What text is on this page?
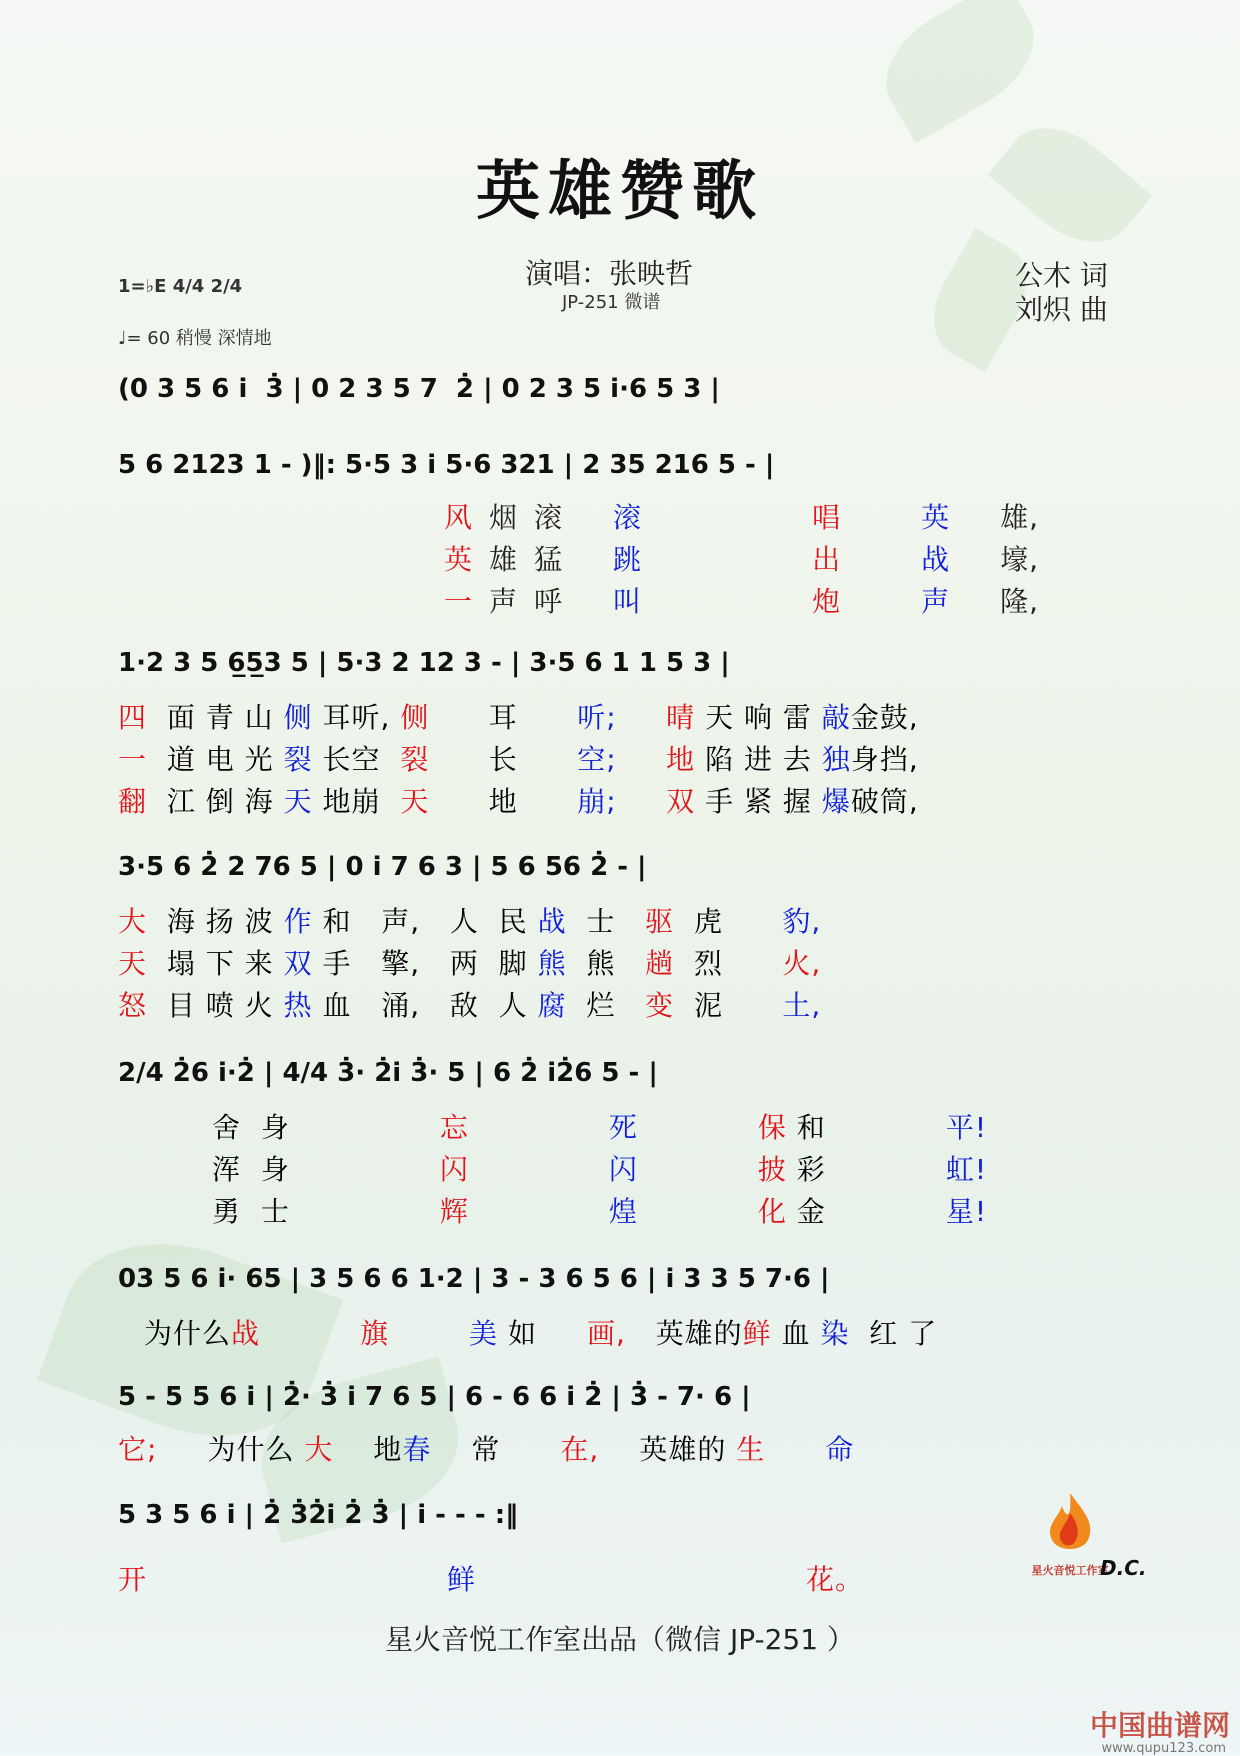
英雄赞歌
1=♭E 4/4 2/4
♩= 60 稍慢 深情地
演唱：张映哲
JP-251 微谱
公木 词
刘炽 曲
(0 3 5 6 i  3̇ | 0 2 3 5 7  2̇ | 0 2 3 5 i·6 5 3 |
5 6 2123 1 - )‖: 5·5 3 i 5·6 321 | 2 35 216 5 - |
风 烟 滚 滚	唱	英 雄,
英 雄 猛 跳	出	战 壕,
一 声 呼 叫	炮	声 隆,
1·2 3 5 6̲5̲3 5 | 5·3 2 12 3 - | 3·5 6 1 1 5 3 |
四 面 青 山 侧 耳听, 侧 耳 听; 晴 天 响 雷 敲金鼓,
一 道 电 光 裂 长空 裂 长 空; 地 陷 进 去 独身挡,
翻 江 倒 海 天 地崩 天 地 崩; 双 手 紧 握 爆破筒,
3·5 6 2̇ 2 76 5 | 0 i 7 6 3 | 5 6 56 2̇ - |
大 海 扬 波 作 和 声, 人 民 战 士 驱 虎 豹,
天 塌 下 来 双 手 擎, 两 脚 熊 熊 趟 烈 火,
怒 目 喷 火 热 血 涌, 敌 人 腐 烂 变 泥 土,
2/4 2̇6 i·2̇ | 4/4 3̇· 2̇i 3̇· 5 | 6 2̇ i2̇6 5 - |
舍 身	忘	死	保 和	平!
浑 身	闪	闪	披 彩	虹!
勇 士	辉	煌	化 金	星!
03 5 6 i· 65 | 3 5 6 6 1·2 | 3 - 3 6 5 6 | i 3 3 5 7·6 |
为什么战	旗	美 如 画, 英雄的鲜 血 染 红 了
5 - 5 5 6 i | 2̇· 3̇ i 7 6 5 | 6 - 6 6 i 2̇ | 3̇ - 7· 6 |
它; 为什么 大 地春 常 在, 英雄的 生 命
5 3 5 6 i | 2̇ 3̇2̇i 2̇ 3̇ | i - - - :‖
开	鲜	花。	星火音悦工作室
D.C.
星火音悦工作室出品（微信 JP-251 ）
中国曲谱网
www.qupu123.com
